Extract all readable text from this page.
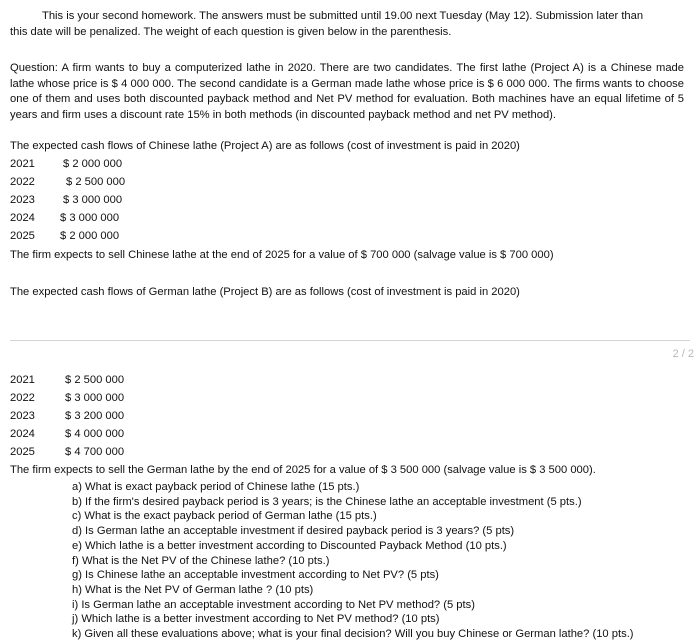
This is your second homework. The answers must be submitted until 19.00 next Tuesday (May 12). Submission later than
this date will be penalized. The weight of each question is given below in the parenthesis.
Question: A firm wants to buy a computerized lathe in 2020. There are two candidates. The first lathe (Project A) is a Chinese made lathe whose price is $ 4 000 000. The second candidate is a German made lathe whose price is $ 6 000 000. The firms wants to choose one of them and uses both discounted payback method and Net PV method for evaluation. Both machines have an equal lifetime of 5 years and firm uses a discount rate 15% in both methods (in discounted payback method and net PV method).
The expected cash flows of Chinese lathe (Project A) are as follows (cost of investment is paid in 2020)
2021	$ 2 000 000
2022	$ 2 500 000
2023	$ 3 000 000
2024 $ 3 000 000
2025 $ 2 000 000
The firm expects to sell Chinese lathe at the end of 2025 for a value of $ 700 000 (salvage value is $ 700 000)
The expected cash flows of German lathe (Project B) are as follows (cost of investment is paid in 2020)
2 / 2
2021	$ 2 500 000
2022	$ 3 000 000
2023	$ 3 200 000
2024	$ 4 000 000
2025	$ 4 700 000
The firm expects to sell the German lathe by the end of 2025 for a value of $ 3 500 000 (salvage value is $ 3 500 000).
a) What is exact payback period of Chinese lathe (15 pts.)
b) If the firm's desired payback period is 3 years; is the Chinese lathe an acceptable investment (5 pts.)
c) What is the exact payback period of German lathe (15 pts.)
d) Is German lathe an acceptable investment if desired payback period is 3 years? (5 pts)
e) Which lathe is a better investment according to Discounted Payback Method (10 pts.)
f) What is the Net PV of the Chinese lathe? (10 pts.)
g) Is Chinese lathe an acceptable investment according to Net PV? (5 pts)
h) What is the Net PV of German lathe ? (10 pts)
i) Is German lathe an acceptable investment according to Net PV method? (5 pts)
j) Which lathe is a better investment according to Net PV method? (10 pts)
k) Given all these evaluations above; what is your final decision? Will you buy Chinese or German lathe? (10 pts.)
